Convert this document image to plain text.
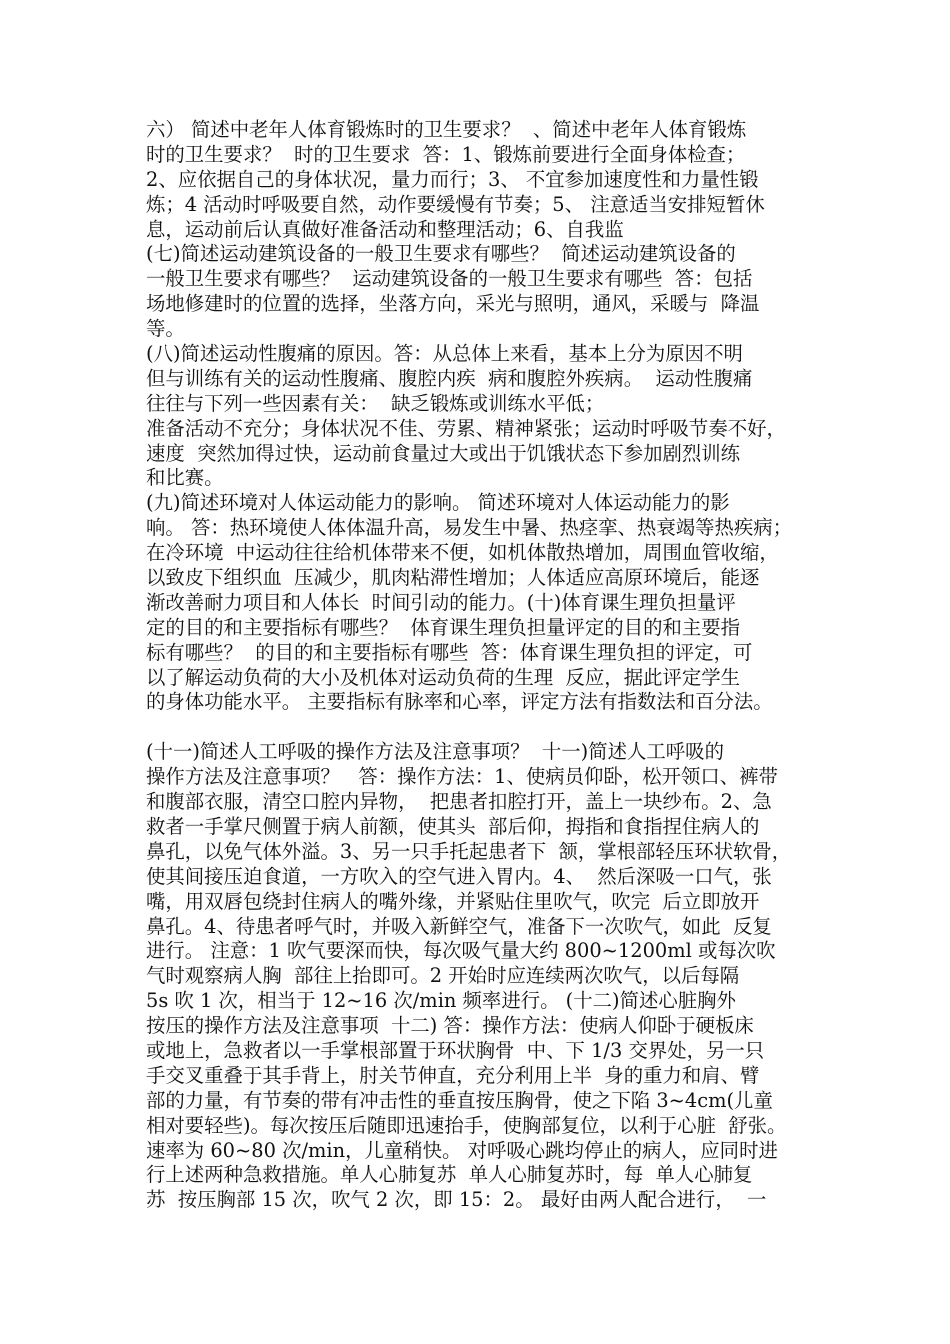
六） 简述中老年人体育锻炼时的卫生要求？  、简述中老年人体育锻炼
时的卫生要求？  时的卫生要求  答：1、锻炼前要进行全面身体检查；
2、应依据自己的身体状况，量力而行；3、 不宜参加速度性和力量性锻
炼；4 活动时呼吸要自然，动作要缓慢有节奏；5、 注意适当安排短暂休
息，运动前后认真做好准备活动和整理活动；6、自我监
(七)简述运动建筑设备的一般卫生要求有哪些？  简述运动建筑设备的
一般卫生要求有哪些？  运动建筑设备的一般卫生要求有哪些  答：包括
场地修建时的位置的选择，坐落方向，采光与照明，通风，采暖与  降温
等。
(八)简述运动性腹痛的原因。答：从总体上来看，基本上分为原因不明
但与训练有关的运动性腹痛、腹腔内疾  病和腹腔外疾病。  运动性腹痛
往往与下列一些因素有关：  缺乏锻炼或训练水平低；
准备活动不充分；身体状况不佳、劳累、精神紧张；运动时呼吸节奏不好，
速度  突然加得过快，运动前食量过大或出于饥饿状态下参加剧烈训练
和比赛。
(九)简述环境对人体运动能力的影响。 简述环境对人体运动能力的影
响。 答：热环境使人体体温升高，易发生中暑、热痉挛、热衰竭等热疾病；
在冷环境  中运动往往给机体带来不便，如机体散热增加，周围血管收缩，
以致皮下组织血  压减少，肌肉粘滞性增加；人体适应高原环境后，能逐
渐改善耐力项目和人体长  时间引动的能力。(十)体育课生理负担量评
定的目的和主要指标有哪些？  体育课生理负担量评定的目的和主要指
标有哪些？  的目的和主要指标有哪些  答：体育课生理负担的评定，可
以了解运动负荷的大小及机体对运动负荷的生理  反应，据此评定学生
的身体功能水平。 主要指标有脉率和心率，评定方法有指数法和百分法。
(十一)简述人工呼吸的操作方法及注意事项？  十一)简述人工呼吸的
操作方法及注意事项？   答：操作方法：1、使病员仰卧，松开领口、裤带
和腹部衣服，清空口腔内异物，  把患者扣腔打开，盖上一块纱布。2、急
救者一手掌尺侧置于病人前额，使其头  部后仰，拇指和食指捏住病人的
鼻孔，以免气体外溢。3、另一只手托起患者下  颔，掌根部轻压环状软骨，
使其间接压迫食道，一方吹入的空气进入胃内。4、  然后深吸一口气，张
嘴，用双唇包绕封住病人的嘴外缘，并紧贴住里吹气，吹完  后立即放开
鼻孔。4、待患者呼气时，并吸入新鲜空气，准备下一次吹气，如此  反复
进行。 注意：1 吹气要深而快，每次吸气量大约 800~1200ml 或每次吹
气时观察病人胸  部往上抬即可。2 开始时应连续两次吹气，以后每隔
5s 吹 1 次，相当于 12~16 次/min 频率进行。 (十二)简述心脏胸外
按压的操作方法及注意事项  十二) 答：操作方法：使病人仰卧于硬板床
或地上，急救者以一手掌根部置于环状胸骨  中、下 1/3 交界处，另一只
手交叉重叠于其手背上，肘关节伸直，充分利用上半  身的重力和肩、臂
部的力量，有节奏的带有冲击性的垂直按压胸骨，使之下陷 3~4cm(儿童
相对要轻些)。每次按压后随即迅速抬手，使胸部复位，以利于心脏  舒张。
速率为 60~80 次/min，儿童稍快。 对呼吸心跳均停止的病人，应同时进
行上述两种急救措施。单人心肺复苏  单人心肺复苏时，每  单人心肺复
苏  按压胸部 15 次，吹气 2 次，即 15：2。 最好由两人配合进行，  一
